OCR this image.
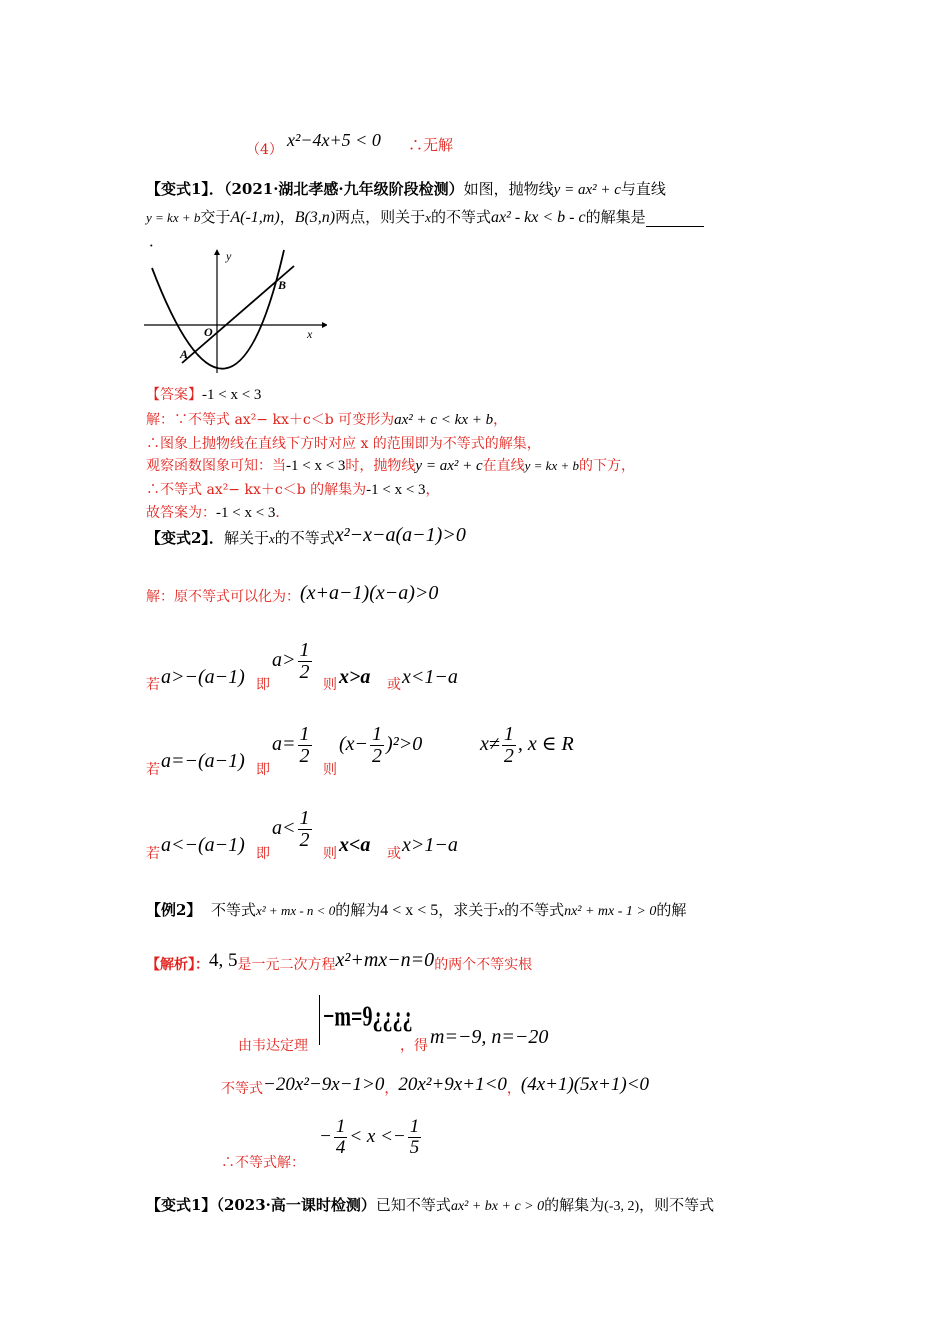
（4） x²−4x+5 < 0 ∴无解
【变式1】．（2021·湖北孝感·九年级阶段检测）如图，抛物线y = ax² + c与直线
y = kx + b交于A(-1,m)，B(3,n)两点，则关于x的不等式ax² - kx < b - c的解集是
．
y
x
O
A
B
【答案】-1 < x < 3
解：∵不等式 ax²− kx＋c＜b 可变形为ax² + c < kx + b，
∴图象上抛物线在直线下方时对应 x 的范围即为不等式的解集，
观察函数图象可知：当-1 < x < 3时，抛物线y = ax² + c在直线y = kx + b的下方，
∴不等式 ax²− kx＋c＜b 的解集为-1 < x < 3，
故答案为：-1 < x < 3．
【变式2】．解关于x的不等式x²−x−a(a−1)>0
解：原不等式可以化为：(x+a−1)(x−a)>0
若 a>−(a−1) 即
$a> \frac{1}{2}$
则 x>a 或 x<1−a
若 a=−(a−1) 即
$a= \frac{1}{2}$
则
$(x- \frac{1}{2} )^2>0$	$x\ne \frac{1}{2}$ , x ∈ R
若 a<−(a−1) 即
$a< \frac{1}{2}$
则 x<a 或 x>1−a
【例2】 不等式x² + mx - n < 0的解为4 < x < 5，求关于x的不等式nx² + mx - 1 > 0的解
【解析】：4, 5是一元二次方程x²+mx−n=0的两个不等实根
由韦达定理
−m=9¿¿¿¿
，得 m=−9, n=−20
不等式−20x²−9x−1>0，20x²+9x+1<0，(4x+1)(5x+1)<0
∴不等式解：
− $\frac{1}{4} < x <- \frac{1}{5}$
【变式1】（2023·高一课时检测）已知不等式ax² + bx + c > 0的解集为(-3, 2)，则不等式
